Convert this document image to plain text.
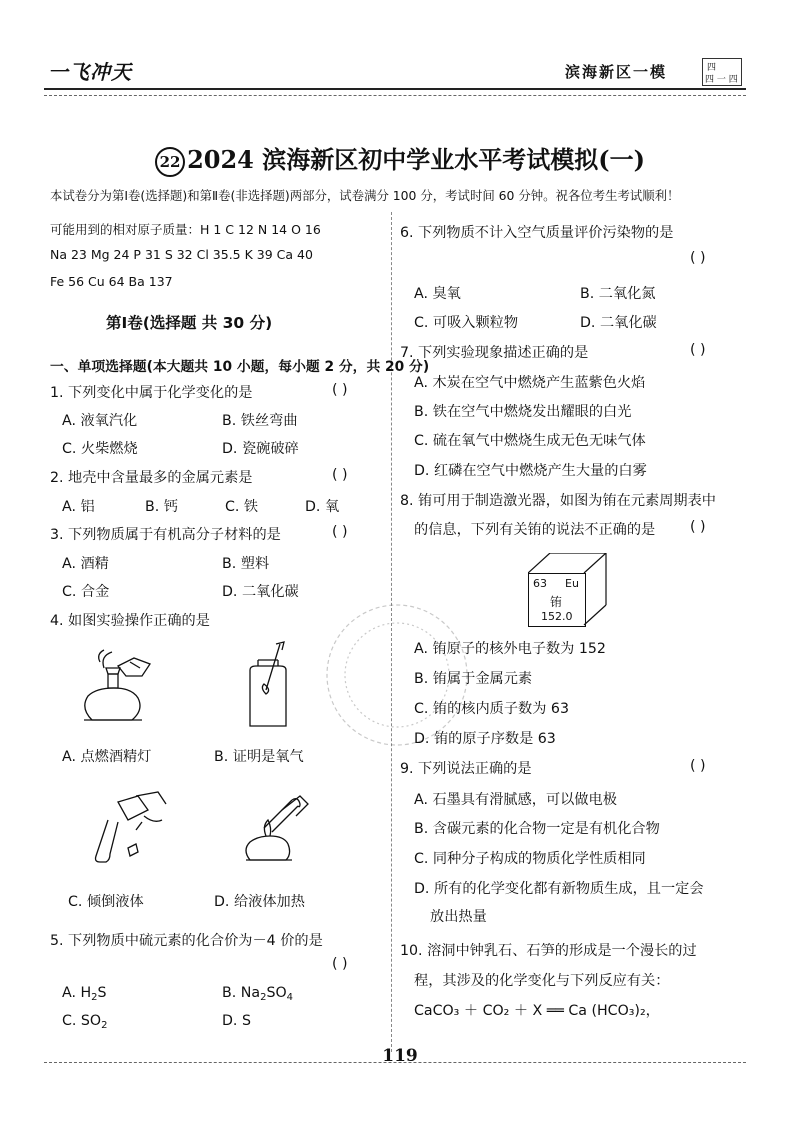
一飞冲天	滨海新区一模	四
四 一 四
22 2024 滨海新区初中学业水平考试模拟(一)
本试卷分为第Ⅰ卷(选择题)和第Ⅱ卷(非选择题)两部分，试卷满分 100 分，考试时间 60 分钟。祝各位考生考试顺利！
可能用到的相对原子质量：H 1 C 12 N 14 O 16
Na 23 Mg 24 P 31 S 32 Cl 35.5 K 39 Ca 40
Fe 56 Cu 64 Ba 137
第Ⅰ卷(选择题 共 30 分)
一、单项选择题(本大题共 10 小题，每小题 2 分，共 20 分)
1. 下列变化中属于化学变化的是	( )
A. 液氧汽化	B. 铁丝弯曲
C. 火柴燃烧	D. 瓷碗破碎
2. 地壳中含量最多的金属元素是	( )
A. 铝	B. 钙	C. 铁	D. 氧
3. 下列物质属于有机高分子材料的是	( )
A. 酒精	B. 塑料
C. 合金	D. 二氧化碳
4. 如图实验操作正确的是
A. 点燃酒精灯	B. 证明是氧气
C. 倾倒液体	D. 给液体加热
5. 下列物质中硫元素的化合价为－4 价的是
( )
A. $H_2S$	B. $Na_2SO_4$
C. $SO_2$	D. S
6. 下列物质不计入空气质量评价污染物的是
( )
A. 臭氧	B. 二氧化氮
C. 可吸入颗粒物	D. 二氧化碳
7. 下列实验现象描述正确的是	( )
A. 木炭在空气中燃烧产生蓝紫色火焰
B. 铁在空气中燃烧发出耀眼的白光
C. 硫在氧气中燃烧生成无色无味气体
D. 红磷在空气中燃烧产生大量的白雾
8. 铕可用于制造激光器，如图为铕在元素周期表中
的信息，下列有关铕的说法不正确的是 ( )
63 Eu
铕
152.0
A. 铕原子的核外电子数为 152
B. 铕属于金属元素
C. 铕的核内质子数为 63
D. 铕的原子序数是 63
9. 下列说法正确的是	( )
A. 石墨具有滑腻感，可以做电极
B. 含碳元素的化合物一定是有机化合物
C. 同种分子构成的物质化学性质相同
D. 所有的化学变化都有新物质生成，且一定会
放出热量
10. 溶洞中钟乳石、石笋的形成是一个漫长的过
程，其涉及的化学变化与下列反应有关：
CaCO₃ ＋ CO₂ ＋ X ══ Ca (HCO₃)₂，
119
